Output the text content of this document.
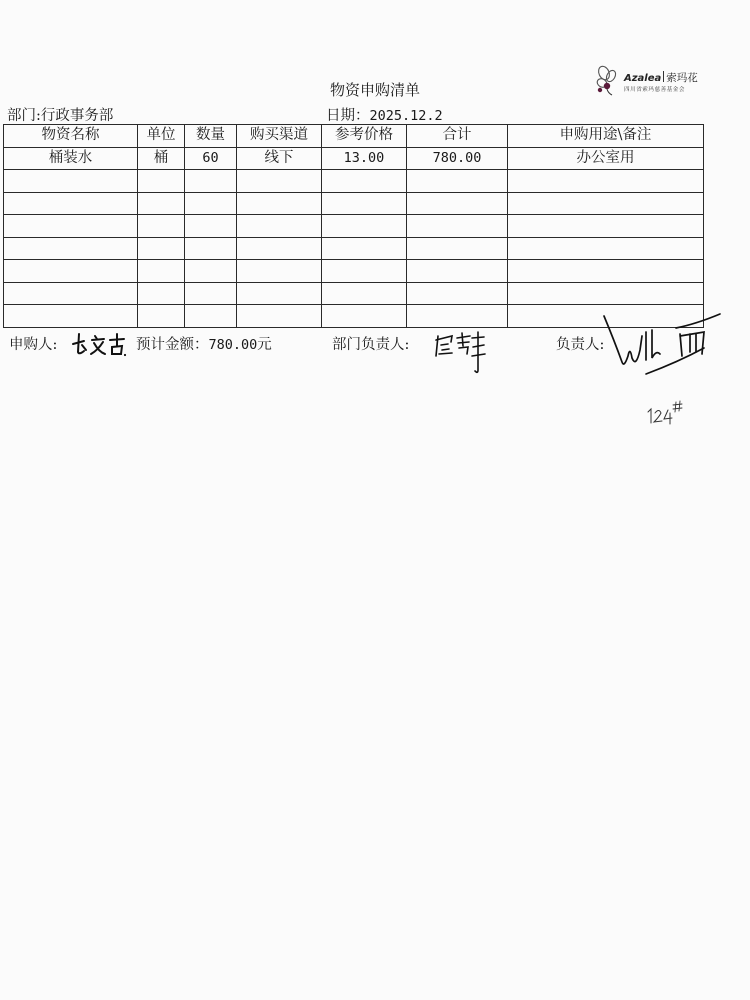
Azalea 索玛花
四川省索玛慈善基金会
物资申购清单
部门:行政事务部	日期：2025.12.2
物资名称	单位	数量	购买渠道	参考价格	合计	申购用途\备注
桶装水	桶	60	线下	13.00	780.00	办公室用

申购人:	预计金额：780.00元	部门负责人:	负责人:
